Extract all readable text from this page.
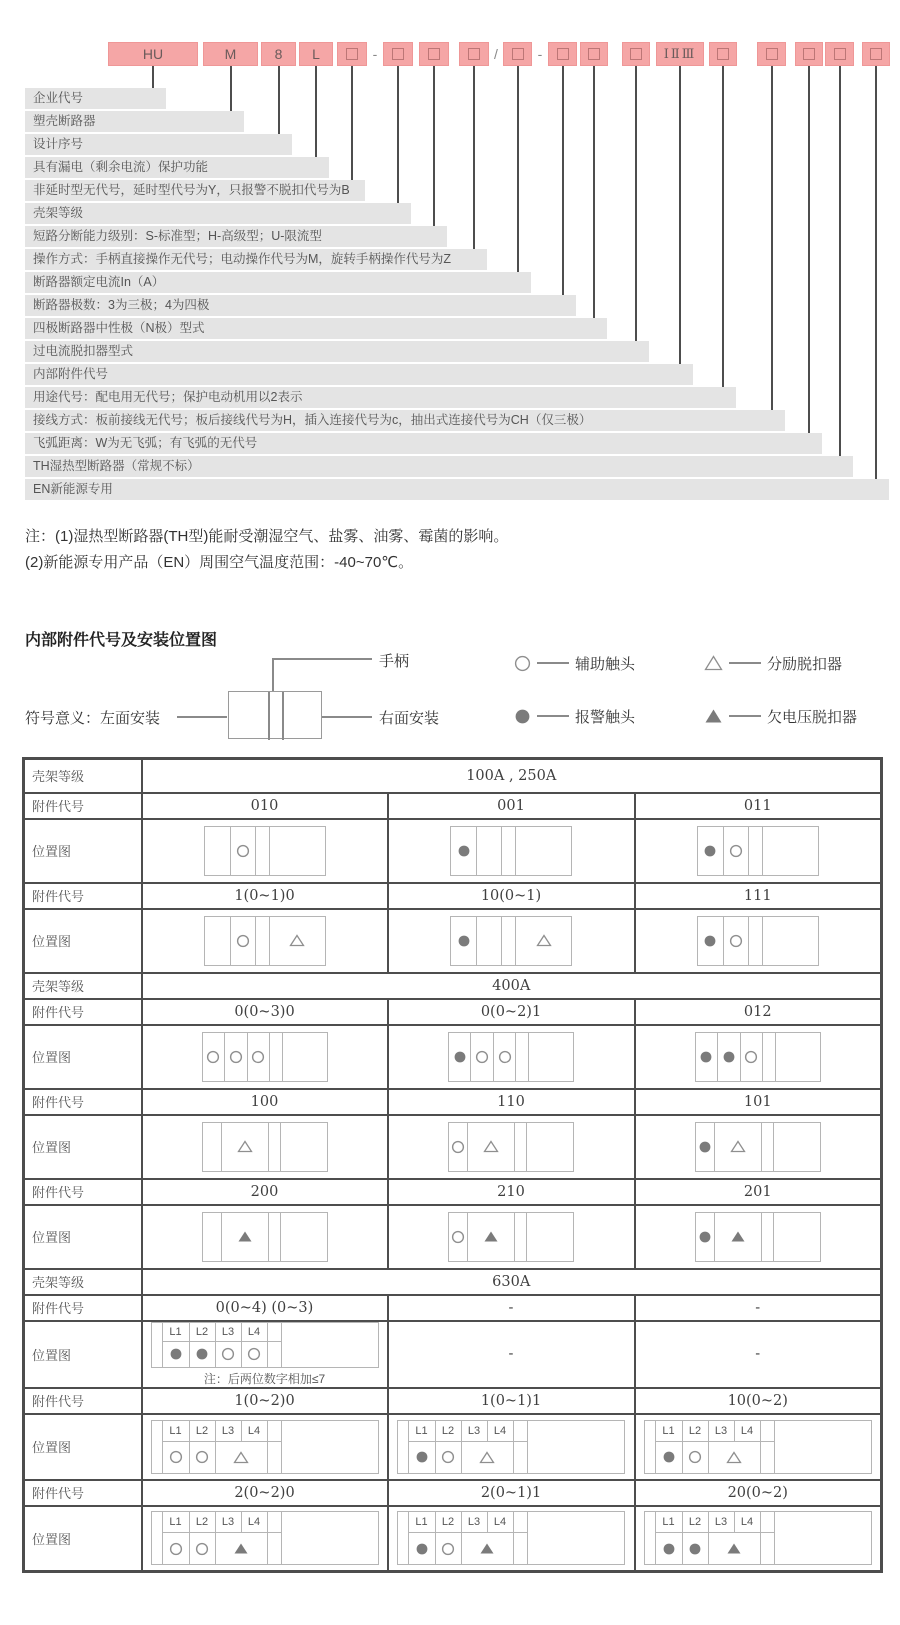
HU
企业代号
M
塑壳断路器
8
设计序号
L
具有漏电（剩余电流）保护功能
非延时型无代号，延时型代号为Y，只报警不脱扣代号为B
壳架等级
短路分断能力级别：S-标准型；H-高级型；U-限流型
操作方式：手柄直接操作无代号；电动操作代号为M，旋转手柄操作代号为Z
断路器额定电流In（A）
断路器极数：3为三极；4为四极
四极断路器中性极（N极）型式
过电流脱扣器型式
ⅠⅡⅢ
内部附件代号
用途代号：配电用无代号；保护电动机用以2表示
接线方式：板前接线无代号；板后接线代号为H，插入连接代号为c，抽出式连接代号为CH（仅三极）
飞弧距离：W为无飞弧；有飞弧的无代号
TH湿热型断路器（常规不标）
EN新能源专用
-	/	-
注：(1)湿热型断路器(TH型)能耐受潮湿空气、盐雾、油雾、霉菌的影响。
(2)新能源专用产品（EN）周围空气温度范围：-40~70℃。
内部附件代号及安装位置图
符号意义：左面安装
手柄
右面安装
辅助触头	分励脱扣器
报警触头	欠电压脱扣器
壳架等级	100A , 250A		
附件代号	010	001	011
位置图	

附件代号	1(0~1)0	10(0~1)	111
位置图	

壳架等级	400A		
附件代号	0(0~3)0	0(0~2)1	012
位置图	

附件代号	100	110	101
位置图	

附件代号	200	210	201
位置图	

壳架等级	630A		
附件代号	0(0~4) (0~3)	-	-
位置图	L1 L2 L3 L4
注：后两位数字相加≤7	-	-
附件代号	1(0~2)0	1(0~1)1	10(0~2)
位置图	
L1	L2	L3	L4	L1	L2	L3	L4	L1	L2	L3	L4

附件代号	2(0~2)0	2(0~1)1	20(0~2)
位置图	
L1	L2	L3	L4	L1	L2	L3	L4	L1	L2	L3	L4
